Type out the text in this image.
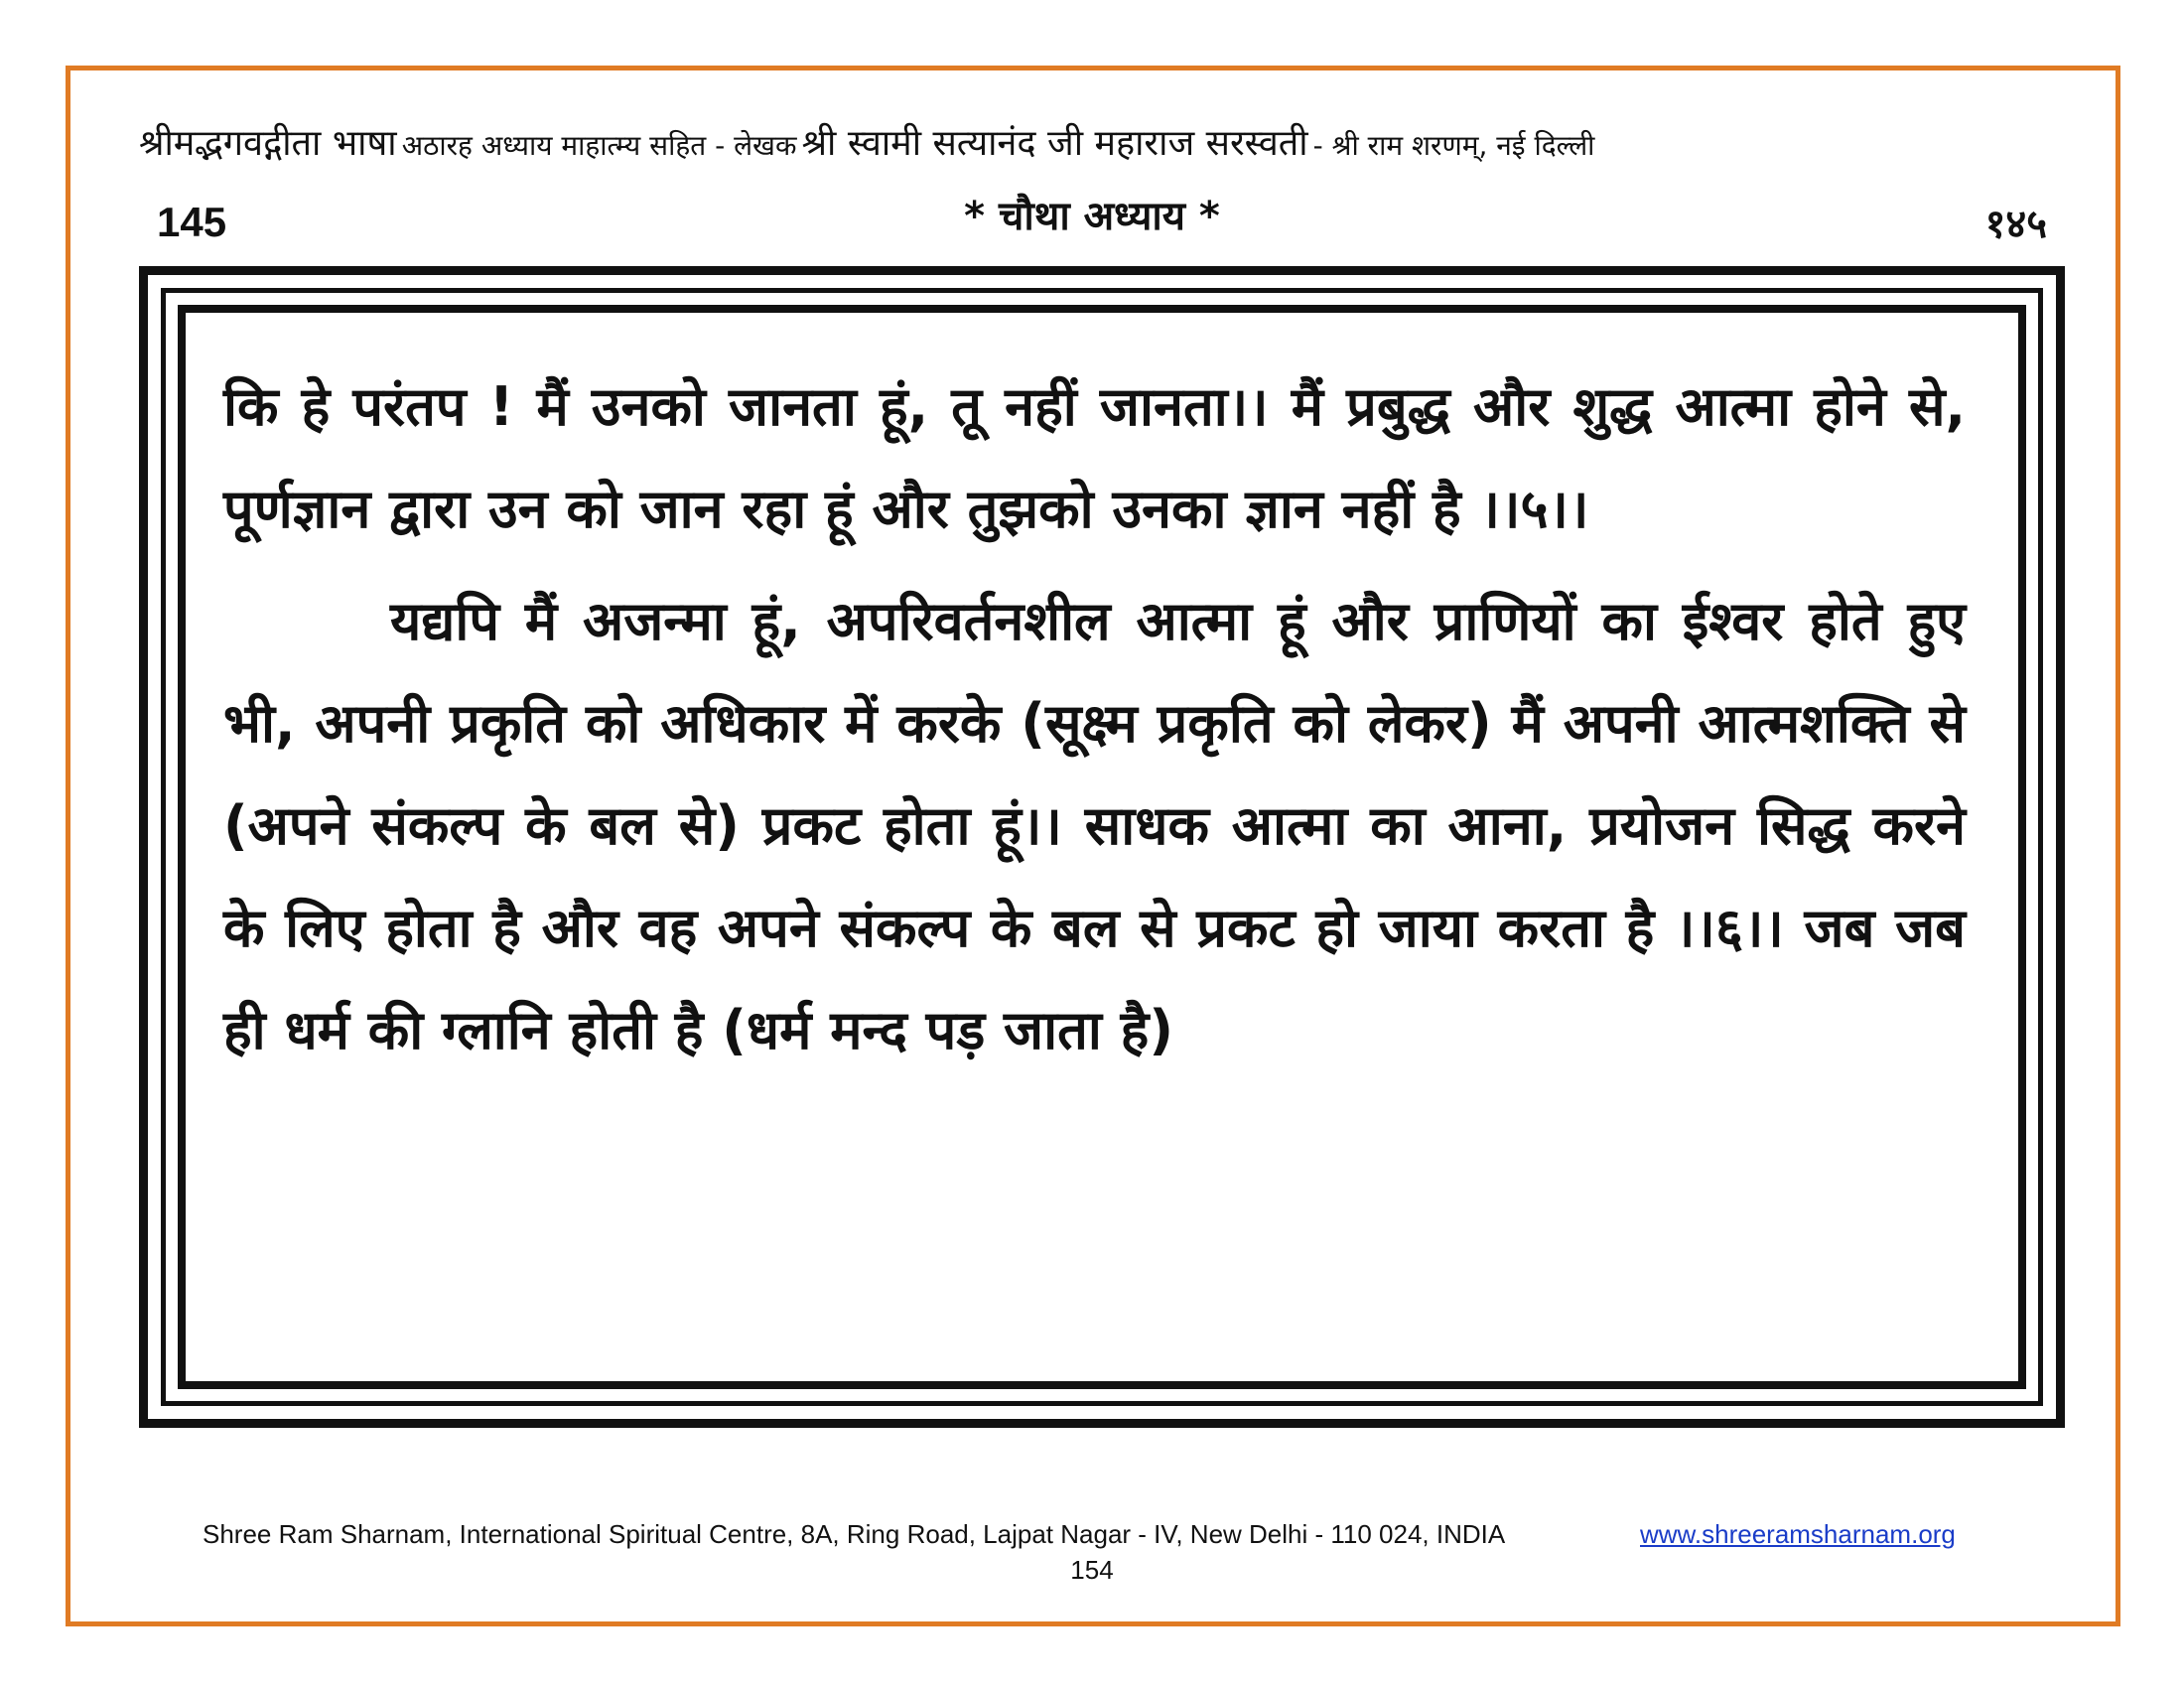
श्रीमद्भगवद्गीता भाषा अठारह अध्याय माहात्म्य सहित - लेखक श्री स्वामी सत्यानंद जी महाराज सरस्वती - श्री राम शरणम्, नई दिल्ली
145	* चौथा अध्याय *	१४५

कि हे परंतप ! मैं उनको जानता हूं, तू नहीं जानता।। मैं प्रबुद्ध और शुद्ध आत्मा होने से, पूर्णज्ञान द्वारा उन को जान रहा हूं और तुझको उनका ज्ञान नहीं है ।।५।।

यद्यपि मैं अजन्मा हूं, अपरिवर्तनशील आत्मा हूं और प्राणियों का ईश्वर होते हुए भी, अपनी प्रकृति को अधिकार में करके (सूक्ष्म प्रकृति को लेकर) मैं अपनी आत्मशक्ति से (अपने संकल्प के बल से) प्रकट होता हूं।। साधक आत्मा का आना, प्रयोजन सिद्ध करने के लिए होता है और वह अपने संकल्प के बल से प्रकट हो जाया करता है ।।६।। जब जब ही धर्म की ग्लानि होती है (धर्म मन्द पड़ जाता है)

Shree Ram Sharnam, International Spiritual Centre, 8A, Ring Road, Lajpat Nagar - IV, New Delhi - 110 024, INDIA	www.shreeramsharnam.org
154
